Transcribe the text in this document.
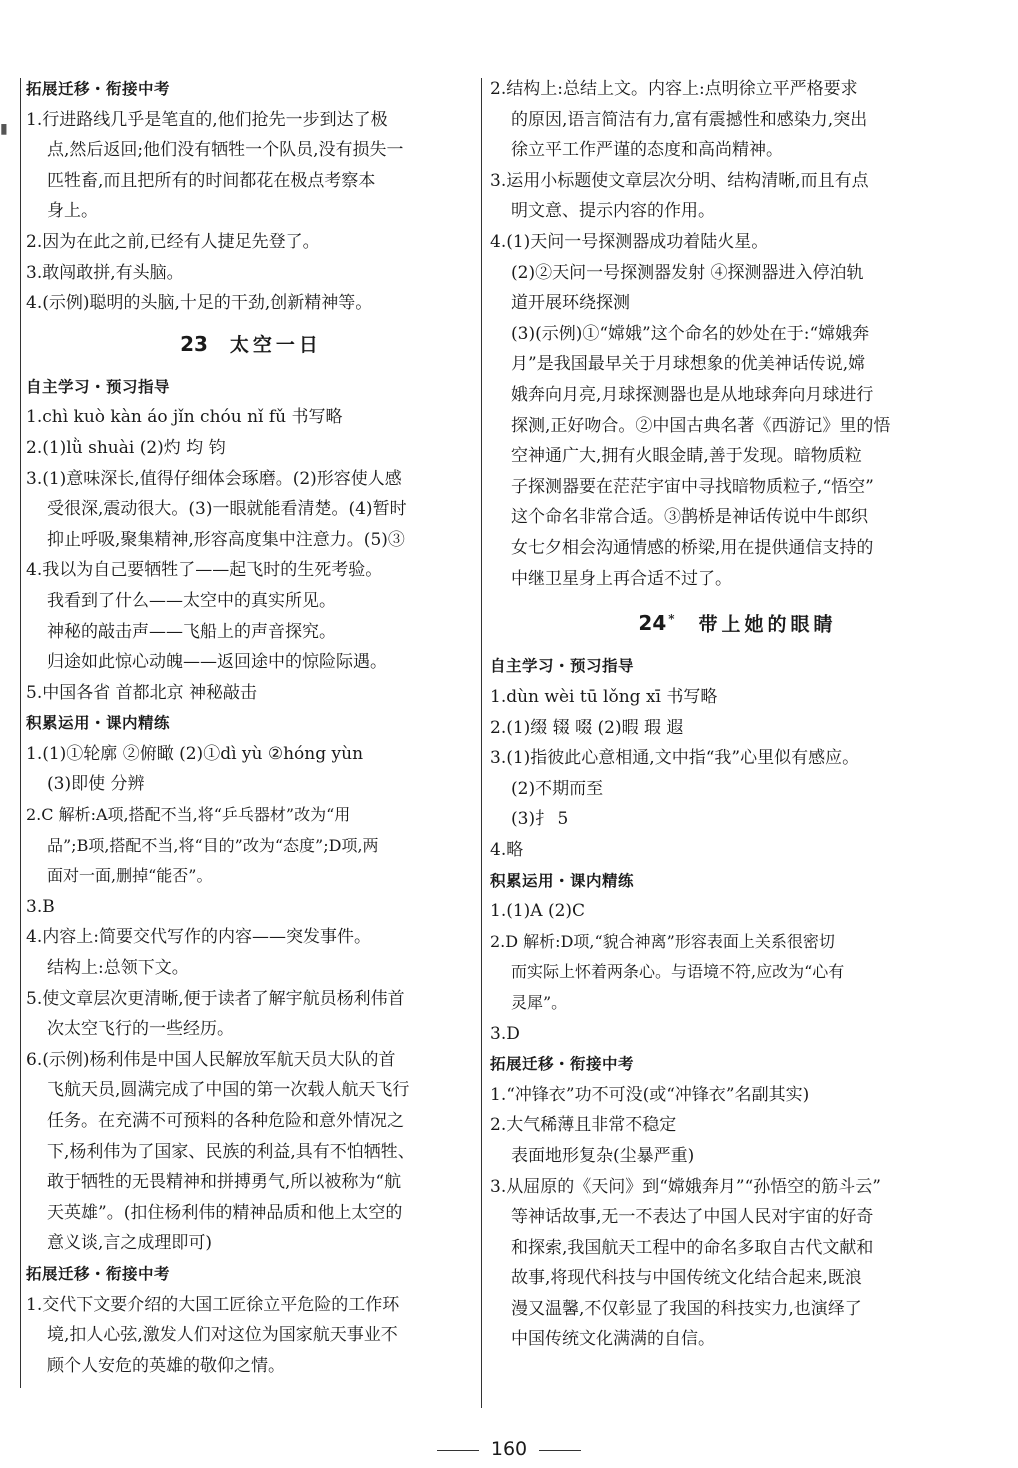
▮
拓展迁移・衔接中考
1.行进路线几乎是笔直的,他们抢先一步到达了极
点,然后返回;他们没有牺牲一个队员,没有损失一
匹牲畜,而且把所有的时间都花在极点考察本
身上。
2.因为在此之前,已经有人捷足先登了。
3.敢闯敢拼,有头脑。
4.(示例)聪明的头脑,十足的干劲,创新精神等。
23 太空一日
自主学习・预习指导
1.chì kuò kàn áo jǐn chóu nǐ fǔ 书写略
2.(1)lǜ shuài (2)灼 均 钧
3.(1)意味深长,值得仔细体会琢磨。(2)形容使人感
受很深,震动很大。(3)一眼就能看清楚。(4)暂时
抑止呼吸,聚集精神,形容高度集中注意力。(5)③
4.我以为自己要牺牲了——起飞时的生死考验。
我看到了什么——太空中的真实所见。
神秘的敲击声——飞船上的声音探究。
归途如此惊心动魄——返回途中的惊险际遇。
5.中国各省 首都北京 神秘敲击
积累运用・课内精练
1.(1)①轮廓 ②俯瞰 (2)①dì yù ②hóng yùn
(3)即使 分辨
2.C 解析:A项,搭配不当,将“乒乓器材”改为“用
品”;B项,搭配不当,将“目的”改为“态度”;D项,两
面对一面,删掉“能否”。
3.B
4.内容上:简要交代写作的内容——突发事件。
结构上:总领下文。
5.使文章层次更清晰,便于读者了解宇航员杨利伟首
次太空飞行的一些经历。
6.(示例)杨利伟是中国人民解放军航天员大队的首
飞航天员,圆满完成了中国的第一次载人航天飞行
任务。在充满不可预料的各种危险和意外情况之
下,杨利伟为了国家、民族的利益,具有不怕牺牲、
敢于牺牲的无畏精神和拼搏勇气,所以被称为“航
天英雄”。(扣住杨利伟的精神品质和他上太空的
意义谈,言之成理即可)
拓展迁移・衔接中考
1.交代下文要介绍的大国工匠徐立平危险的工作环
境,扣人心弦,激发人们对这位为国家航天事业不
顾个人安危的英雄的敬仰之情。
2.结构上:总结上文。内容上:点明徐立平严格要求
的原因,语言简洁有力,富有震撼性和感染力,突出
徐立平工作严谨的态度和高尚精神。
3.运用小标题使文章层次分明、结构清晰,而且有点
明文意、提示内容的作用。
4.(1)天问一号探测器成功着陆火星。
(2)②天问一号探测器发射 ④探测器进入停泊轨
道开展环绕探测
(3)(示例)①“嫦娥”这个命名的妙处在于:“嫦娥奔
月”是我国最早关于月球想象的优美神话传说,嫦
娥奔向月亮,月球探测器也是从地球奔向月球进行
探测,正好吻合。②中国古典名著《西游记》里的悟
空神通广大,拥有火眼金睛,善于发现。暗物质粒
子探测器要在茫茫宇宙中寻找暗物质粒子,“悟空”
这个命名非常合适。③鹊桥是神话传说中牛郎织
女七夕相会沟通情感的桥梁,用在提供通信支持的
中继卫星身上再合适不过了。
24 * 带上她的眼睛
自主学习・预习指导
1.dùn wèi tū lǒng xī 书写略
2.(1)缀 辍 啜 (2)暇 瑕 遐
3.(1)指彼此心意相通,文中指“我”心里似有感应。
(2)不期而至
(3)扌 5
4.略
积累运用・课内精练
1.(1)A (2)C
2.D 解析:D项,“貌合神离”形容表面上关系很密切
而实际上怀着两条心。与语境不符,应改为“心有
灵犀”。
3.D
拓展迁移・衔接中考
1.“冲锋衣”功不可没(或“冲锋衣”名副其实)
2.大气稀薄且非常不稳定
表面地形复杂(尘暴严重)
3.从屈原的《天问》到“嫦娥奔月”“孙悟空的筋斗云”
等神话故事,无一不表达了中国人民对宇宙的好奇
和探索,我国航天工程中的命名多取自古代文献和
故事,将现代科技与中国传统文化结合起来,既浪
漫又温馨,不仅彰显了我国的科技实力,也演绎了
中国传统文化满满的自信。
160
